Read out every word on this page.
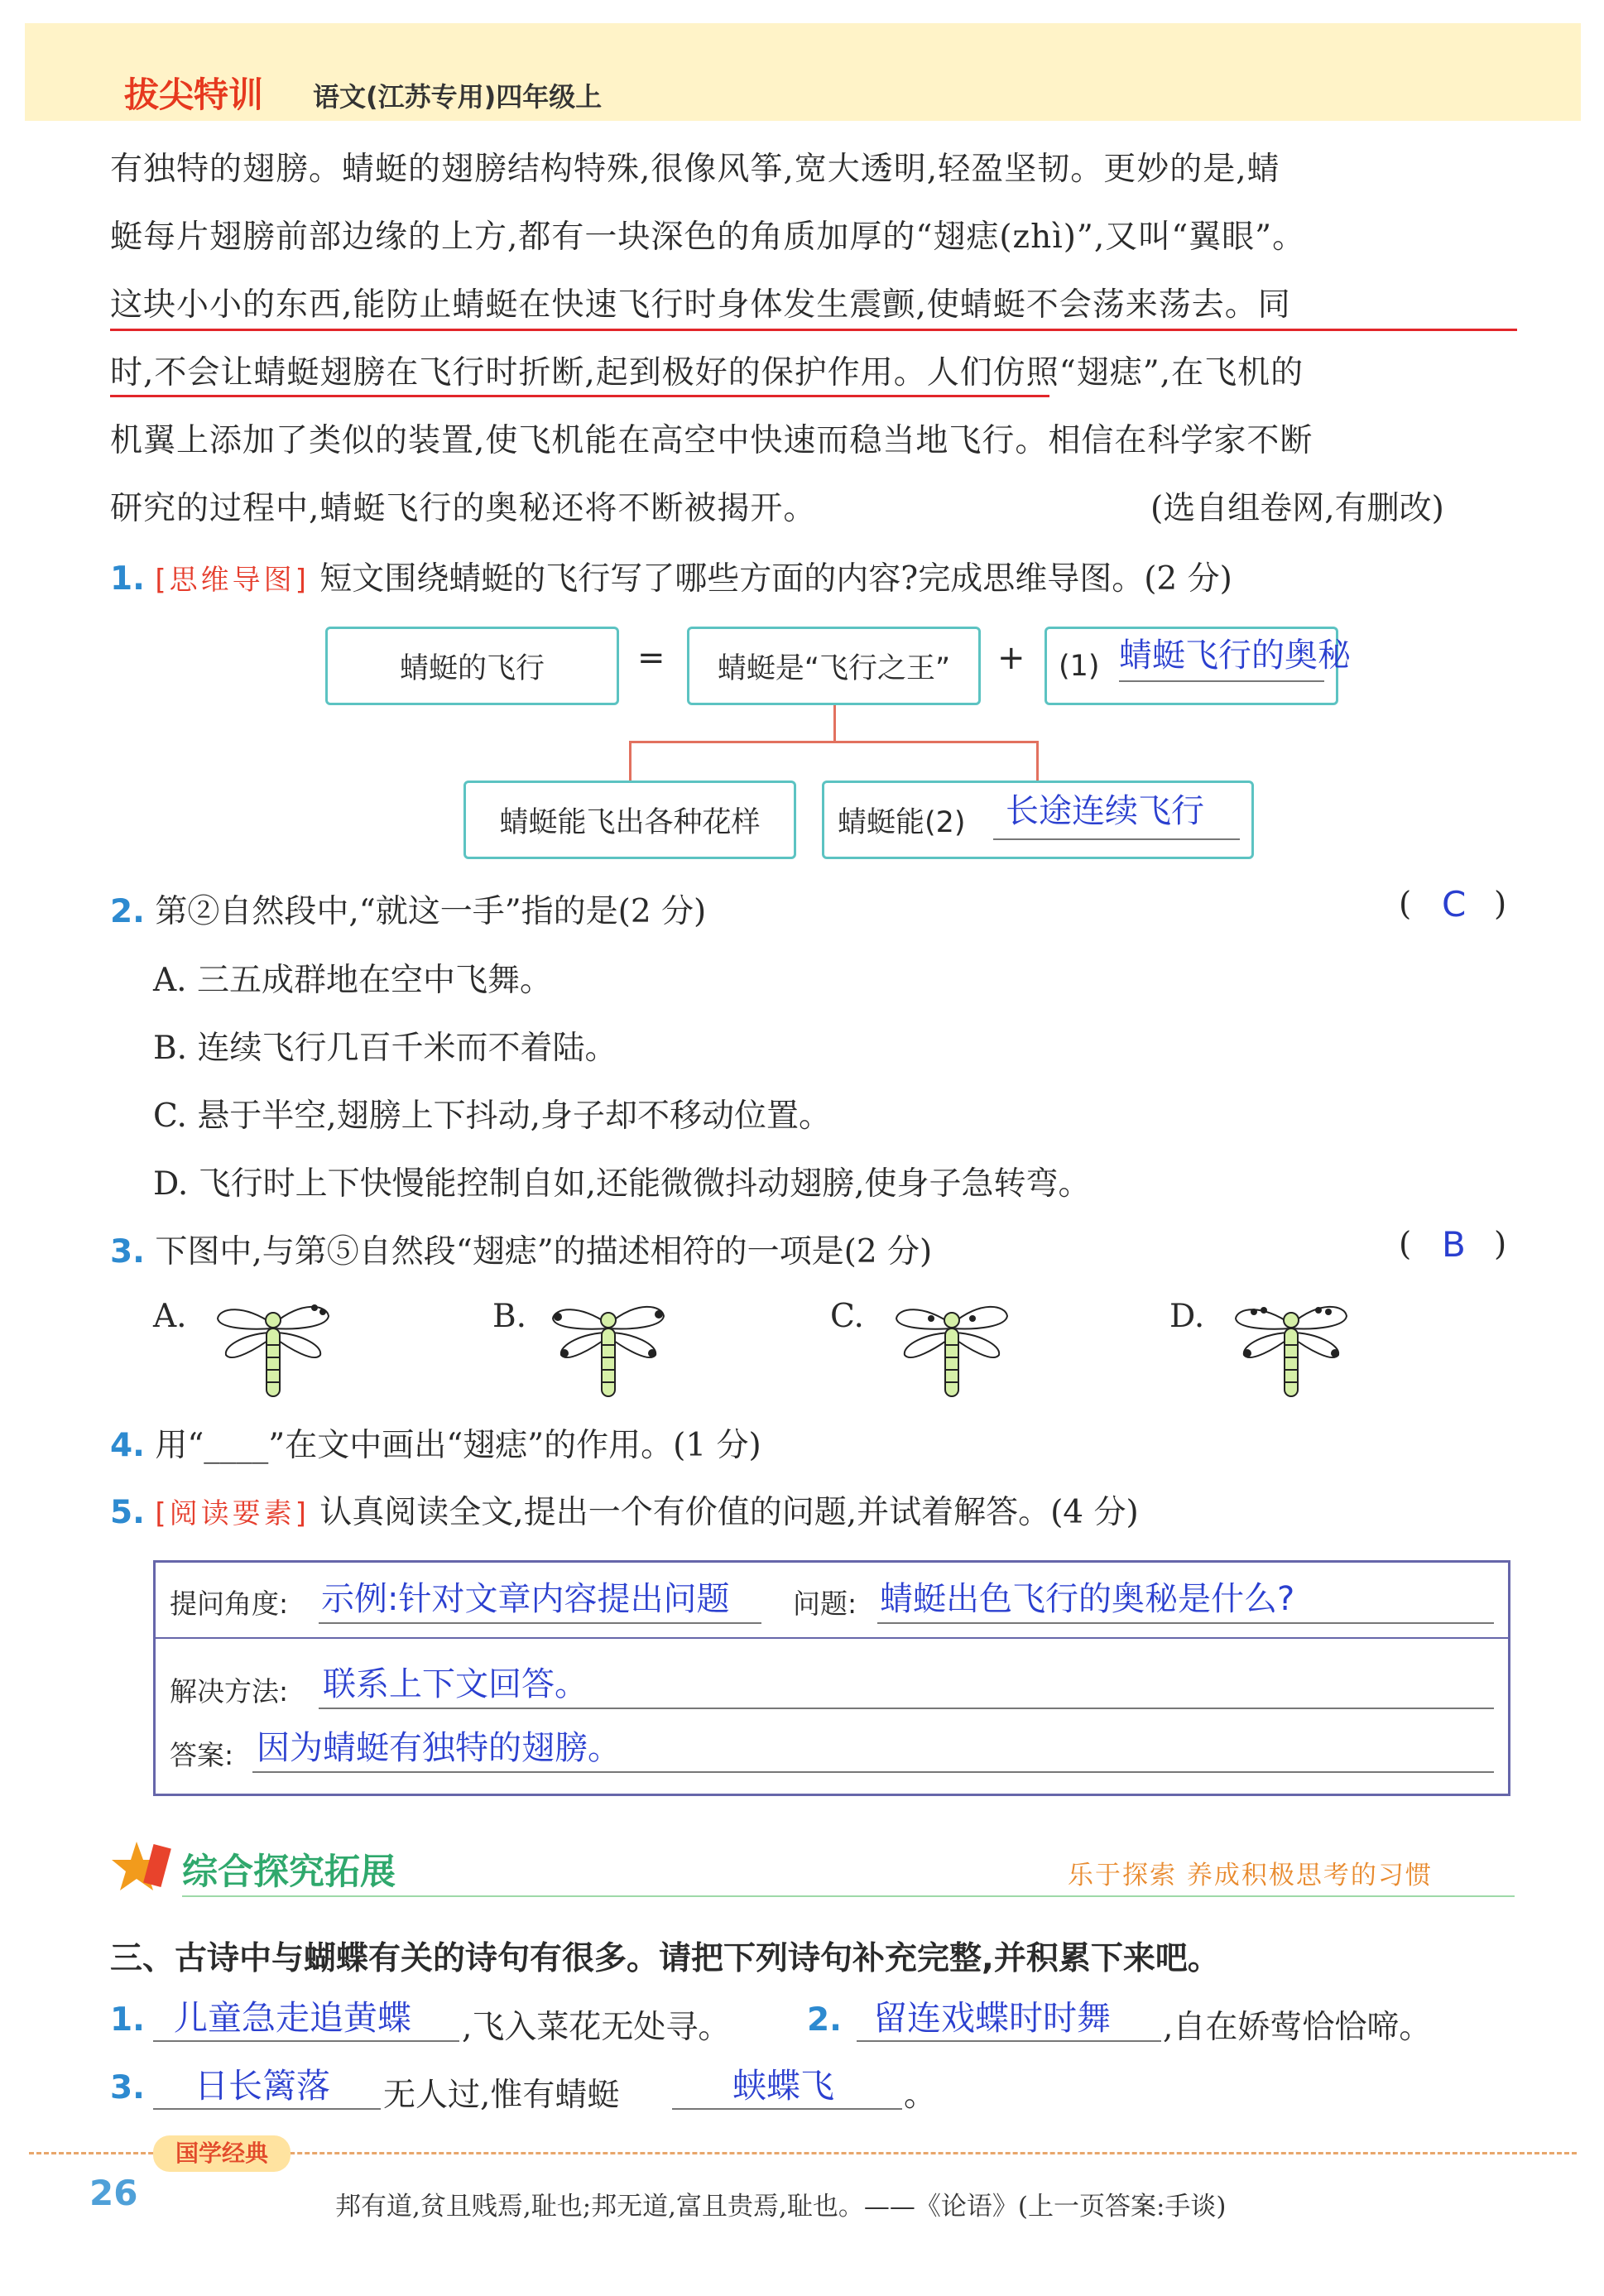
拔尖特训 语文(江苏专用)四年级上
有独特的翅膀。蜻蜓的翅膀结构特殊,很像风筝,宽大透明,轻盈坚韧。更妙的是,蜻
蜓每片翅膀前部边缘的上方,都有一块深色的角质加厚的“翅痣(zhì)”,又叫“翼眼”。
这块小小的东西,能防止蜻蜓在快速飞行时身体发生震颤,使蜻蜓不会荡来荡去。同
时,不会让蜻蜓翅膀在飞行时折断,起到极好的保护作用。人们仿照“翅痣”,在飞机的
机翼上添加了类似的装置,使飞机能在高空中快速而稳当地飞行。相信在科学家不断
研究的过程中,蜻蜓飞行的奥秘还将不断被揭开。	(选自组卷网,有删改)
1. [思维导图] 短文围绕蜻蜓的飞行写了哪些方面的内容?完成思维导图。(2 分)
蜻蜓的飞行	= 蜻蜓是“飞行之王” + (1) 蜻蜓飞行的奥秘
蜻蜓能飞出各种花样	蜻蜓能(2) 长途连续飞行
2. 第②自然段中,“就这一手”指的是(2 分)	( C )
A. 三五成群地在空中飞舞。
B. 连续飞行几百千米而不着陆。
C. 悬于半空,翅膀上下抖动,身子却不移动位置。
D. 飞行时上下快慢能控制自如,还能微微抖动翅膀,使身子急转弯。
3. 下图中,与第⑤自然段“翅痣”的描述相符的一项是(2 分)	( B )
A.	B.	C.	D.
4. 用“____”在文中画出“翅痣”的作用。(1 分)
5. [阅读要素] 认真阅读全文,提出一个有价值的问题,并试着解答。(4 分)
提问角度: 示例:针对文章内容提出问题 问题: 蜻蜓出色飞行的奥秘是什么?
解决方法: 联系上下文回答。
答案: 因为蜻蜓有独特的翅膀。
综合探究拓展	乐于探索 养成积极思考的习惯
三、古诗中与蝴蝶有关的诗句有很多。请把下列诗句补充完整,并积累下来吧。
1. 儿童急走追黄蝶 ,飞入菜花无处寻。 2. 留连戏蝶时时舞 ,自在娇莺恰恰啼。
3. 日长篱落 无人过,惟有蜻蜓	蛱蝶飞 。
国学经典
26	邦有道,贫且贱焉,耻也;邦无道,富且贵焉,耻也。——《论语》(上一页答案:手谈)
